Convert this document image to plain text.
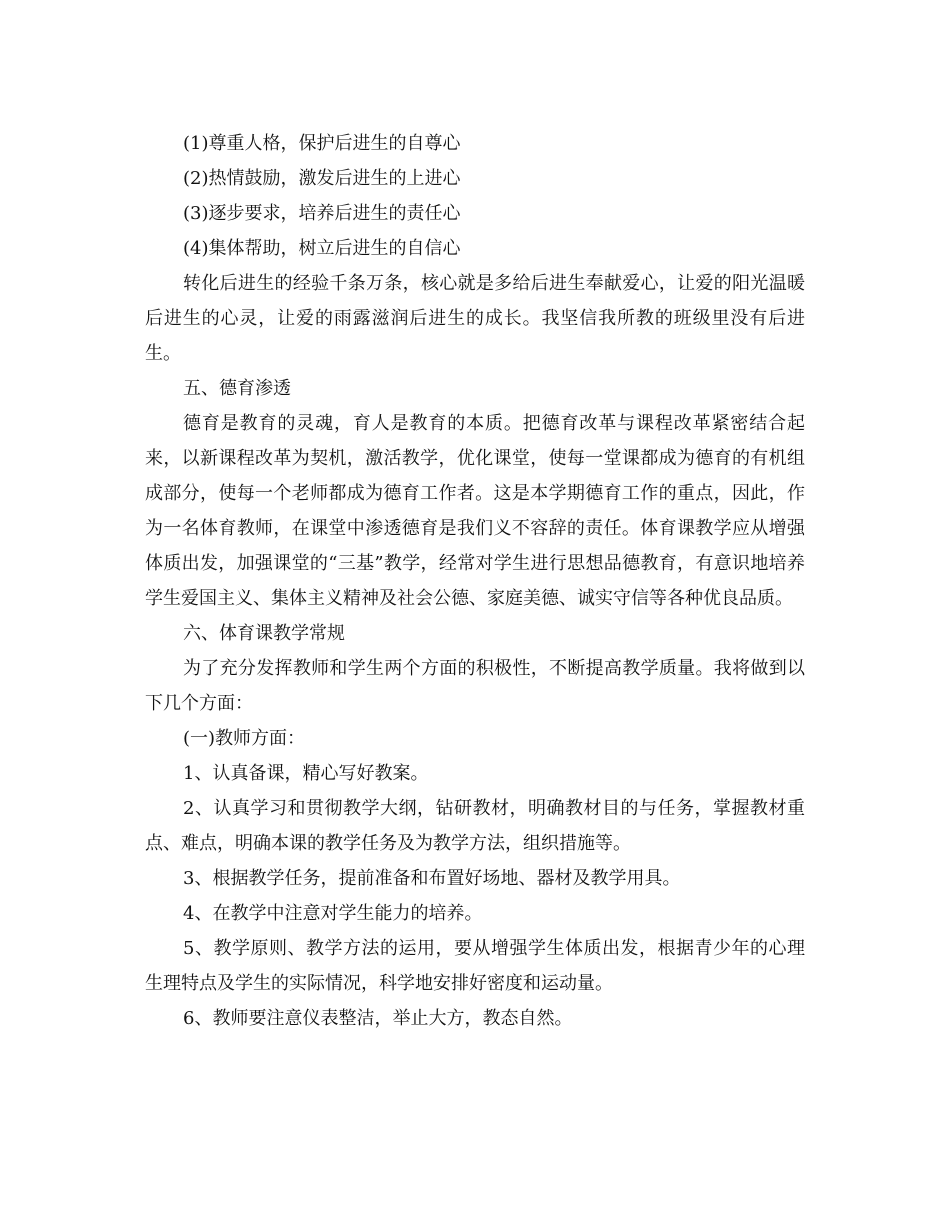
(1)尊重人格，保护后进生的自尊心

(2)热情鼓励，激发后进生的上进心

(3)逐步要求，培养后进生的责任心

(4)集体帮助，树立后进生的自信心

转化后进生的经验千条万条，核心就是多给后进生奉献爱心，让爱的阳光温暖后进生的心灵，让爱的雨露滋润后进生的成长。我坚信我所教的班级里没有后进生。

五、德育渗透

德育是教育的灵魂，育人是教育的本质。把德育改革与课程改革紧密结合起来，以新课程改革为契机，激活教学，优化课堂，使每一堂课都成为德育的有机组成部分，使每一个老师都成为德育工作者。这是本学期德育工作的重点，因此，作为一名体育教师，在课堂中渗透德育是我们义不容辞的责任。体育课教学应从增强体质出发，加强课堂的“三基”教学，经常对学生进行思想品德教育，有意识地培养学生爱国主义、集体主义精神及社会公德、家庭美德、诚实守信等各种优良品质。

六、体育课教学常规

为了充分发挥教师和学生两个方面的积极性，不断提高教学质量。我将做到以下几个方面：

(一)教师方面：

1、认真备课，精心写好教案。

2、认真学习和贯彻教学大纲，钻研教材，明确教材目的与任务，掌握教材重点、难点，明确本课的教学任务及为教学方法，组织措施等。

3、根据教学任务，提前准备和布置好场地、器材及教学用具。

4、在教学中注意对学生能力的培养。

5、教学原则、教学方法的运用，要从增强学生体质出发，根据青少年的心理生理特点及学生的实际情况，科学地安排好密度和运动量。

6、教师要注意仪表整洁，举止大方，教态自然。
